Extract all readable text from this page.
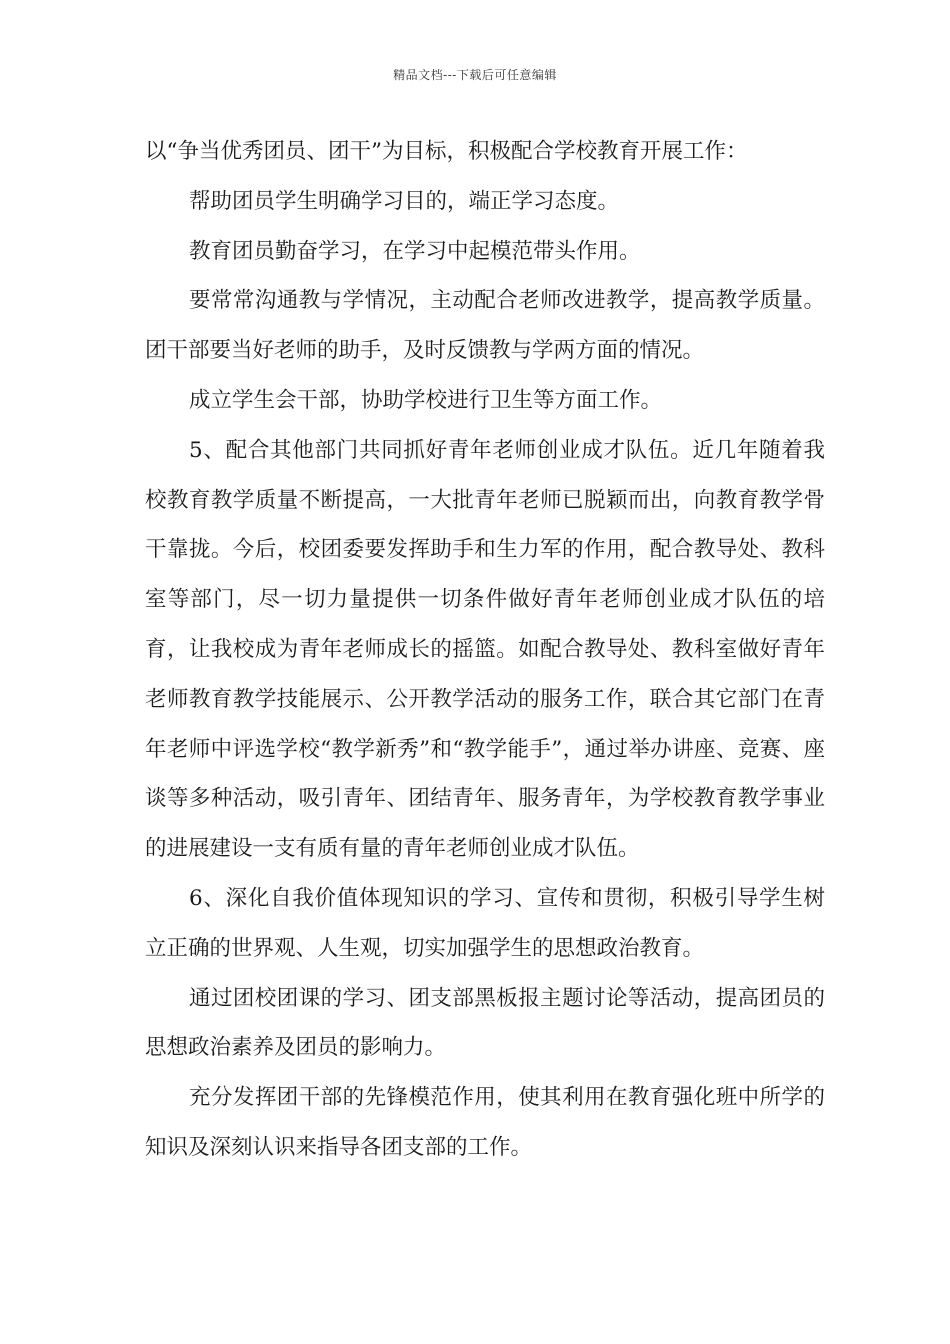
精品文档---下载后可任意编辑

以“争当优秀团员、团干”为目标，积极配合学校教育开展工作：

帮助团员学生明确学习目的，端正学习态度。

教育团员勤奋学习，在学习中起模范带头作用。

要常常沟通教与学情况，主动配合老师改进教学，提高教学质量。团干部要当好老师的助手，及时反馈教与学两方面的情况。

成立学生会干部，协助学校进行卫生等方面工作。

5、配合其他部门共同抓好青年老师创业成才队伍。近几年随着我校教育教学质量不断提高，一大批青年老师已脱颖而出，向教育教学骨干靠拢。今后，校团委要发挥助手和生力军的作用，配合教导处、教科室等部门，尽一切力量提供一切条件做好青年老师创业成才队伍的培育，让我校成为青年老师成长的摇篮。如配合教导处、教科室做好青年老师教育教学技能展示、公开教学活动的服务工作，联合其它部门在青年老师中评选学校“教学新秀”和“教学能手”，通过举办讲座、竞赛、座谈等多种活动，吸引青年、团结青年、服务青年，为学校教育教学事业的进展建设一支有质有量的青年老师创业成才队伍。

6、深化自我价值体现知识的学习、宣传和贯彻，积极引导学生树立正确的世界观、人生观，切实加强学生的思想政治教育。

通过团校团课的学习、团支部黑板报主题讨论等活动，提高团员的思想政治素养及团员的影响力。

充分发挥团干部的先锋模范作用，使其利用在教育强化班中所学的知识及深刻认识来指导各团支部的工作。
